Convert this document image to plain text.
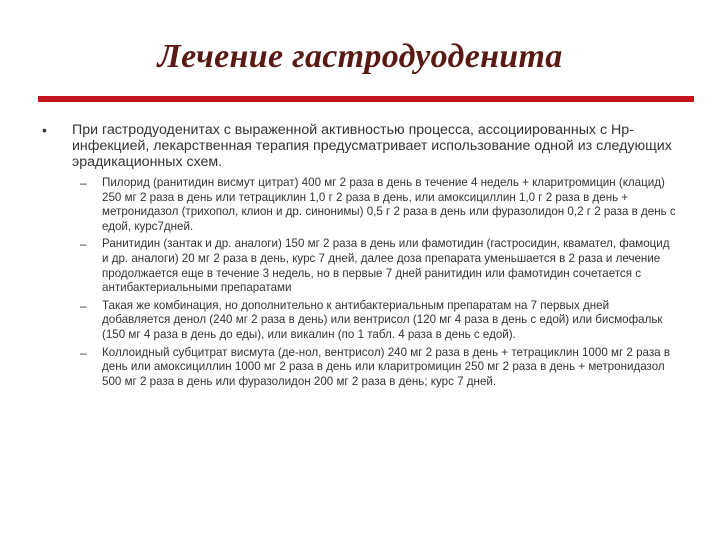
Лечение гастродуоденита
• При гастродуоденитах с выраженной активностью процесса, ассоциированных с Hp-инфекцией, лекарственная терапия предусматривает использование одной из следующих эрадикационных схем.
– Пилорид (ранитидин висмут цитрат) 400 мг 2 раза в день в течение 4 недель + кларитромицин (клацид) 250 мг 2 раза в день или тетрациклин 1,0 г 2 раза в день, или амоксициллин 1,0 г 2 раза в день + метронидазол (трихопол, клион и др. синонимы) 0,5 г 2 раза в день или фуразолидон 0,2 г 2 раза в день с едой, курс7дней.
– Ранитидин (зантак и др. аналоги) 150 мг 2 раза в день или фамотидин (гастросидин, квамател, фамоцид и др. аналоги) 20 мг 2 раза в день, курс 7 дней, далее доза препарата уменьшается в 2 раза и лечение продолжается еще в течение 3 недель, но в первые 7 дней ранитидин или фамотидин сочетается с антибактериальными препаратами
– Такая же комбинация, но дополнительно к антибактериальным препаратам на 7 первых дней добавляется денол (240 мг 2 раза в день) или вентрисол (120 мг 4 раза в день с едой) или бисмофальк (150 мг 4 раза в день до еды), или викалин (по 1 табл. 4 раза в день с едой).
– Коллоидный субцитрат висмута (де-нол, вентрисол) 240 мг 2 раза в день + тетрациклин 1000 мг 2 раза в день или амоксициллин 1000 мг 2 раза в день или кларитромицин 250 мг 2 раза в день + метронидазол 500 мг 2 раза в день или фуразолидон 200 мг 2 раза в день; курс 7 дней.
